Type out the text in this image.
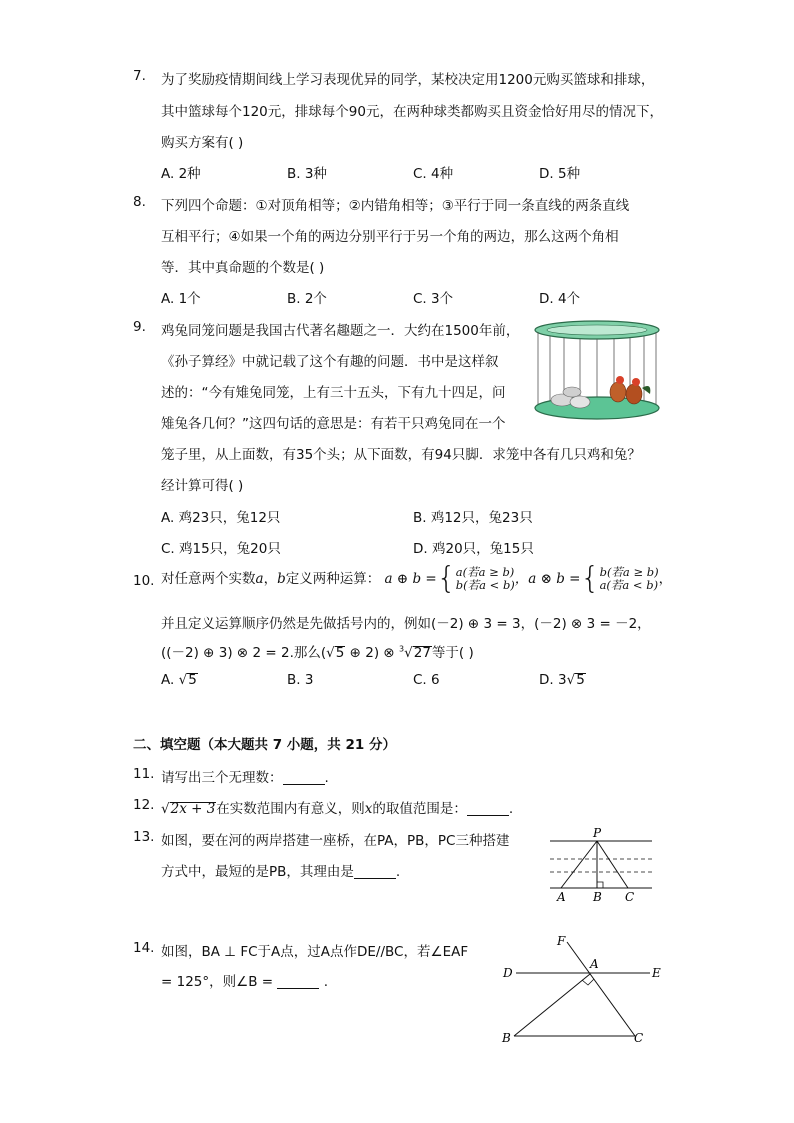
7. 为了奖励疫情期间线上学习表现优异的同学，某校决定用1200元购买篮球和排球，
其中篮球每个120元，排球每个90元，在两种球类都购买且资金恰好用尽的情况下，
购买方案有( )
A. 2种	B. 3种	C. 4种	D. 5种
8. 下列四个命题：①对顶角相等；②内错角相等；③平行于同一条直线的两条直线
互相平行；④如果一个角的两边分别平行于另一个角的两边，那么这两个角相
等．其中真命题的个数是( )
A. 1个	B. 2个	C. 3个	D. 4个
9. 鸡兔同笼问题是我国古代著名趣题之一．大约在1500年前，
《孙子算经》中就记载了这个有趣的问题．书中是这样叙
述的：“今有雉兔同笼，上有三十五头，下有九十四足，问
雉兔各几何？”这四句话的意思是：有若干只鸡兔同在一个
笼子里，从上面数，有35个头；从下面数，有94只脚．求笼中各有几只鸡和兔？
经计算可得( )
A. 鸡23只，兔12只	B. 鸡12只，兔23只
C. 鸡15只，兔20只	D. 鸡20只，兔15只
10. 对任意两个实数a，b定义两种运算： a ⊕ b ={a(若a ≥ b)
b(若a < b)，a ⊗ b ={b(若a ≥ b)
a(若a < b)，
并且定义运算顺序仍然是先做括号内的，例如(－2) ⊕ 3 = 3，(－2) ⊗ 3 = －2，
((－2) ⊕ 3) ⊗ 2 = 2.那么(√5 ⊕ 2) ⊗ $^3$√27等于( )
A. √5	B. 3	C. 6	D. 3√5
二、填空题（本大题共 7 小题，共 21 分）
11. 请写出三个无理数：	.
12. √2x + 3在实数范围内有意义，则x的取值范围是：	.
13. 如图，要在河的两岸搭建一座桥，在PA，PB，PC三种搭建
方式中，最短的是PB，其理由是	.
P
A B C
14. 如图，BA ⊥ FC于A点，过A点作DE//BC，若∠EAF
= 125°，则∠B =	.
F
A
D	E
B	C
